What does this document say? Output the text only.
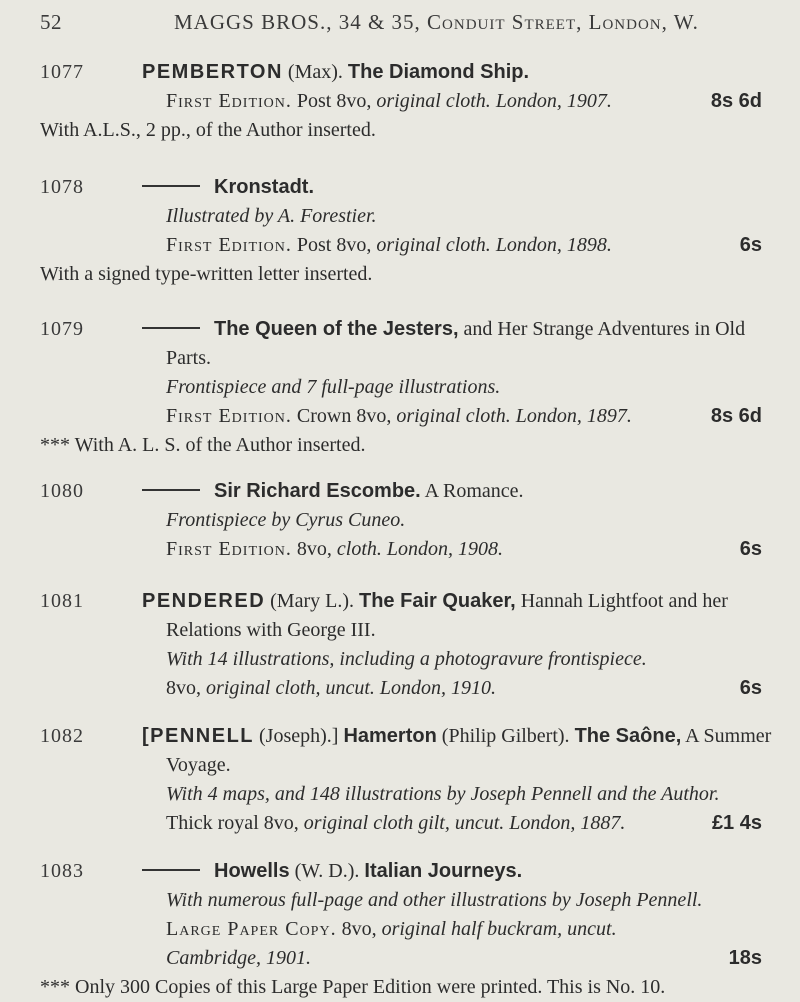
52	MAGGS BROS., 34 & 35, Conduit Street, London, W.
1077	PEMBERTON (Max). The Diamond Ship.
First Edition. Post 8vo, original cloth. London, 1907.	8s 6d
With A.L.S., 2 pp., of the Author inserted.
1078	Kronstadt.
Illustrated by A. Forestier.
First Edition. Post 8vo, original cloth. London, 1898.	6s
With a signed type-written letter inserted.
1079	The Queen of the Jesters, and Her Strange Adventures in Old
Parts.
Frontispiece and 7 full-page illustrations.
First Edition. Crown 8vo, original cloth. London, 1897.	8s 6d
*** With A. L. S. of the Author inserted.
1080	Sir Richard Escombe. A Romance.
Frontispiece by Cyrus Cuneo.
First Edition. 8vo, cloth. London, 1908.	6s
1081	PENDERED (Mary L.). The Fair Quaker, Hannah Lightfoot and her
Relations with George III.
With 14 illustrations, including a photogravure frontispiece.
8vo, original cloth, uncut. London, 1910.	6s
1082	[PENNELL (Joseph).] Hamerton (Philip Gilbert). The Saône, A Summer
Voyage.
With 4 maps, and 148 illustrations by Joseph Pennell and the Author.
Thick royal 8vo, original cloth gilt, uncut. London, 1887.	£1 4s
1083	Howells (W. D.). Italian Journeys.
With numerous full-page and other illustrations by Joseph Pennell.
Large Paper Copy. 8vo, original half buckram, uncut.
Cambridge, 1901.	18s
*** Only 300 Copies of this Large Paper Edition were printed. This is No. 10.
